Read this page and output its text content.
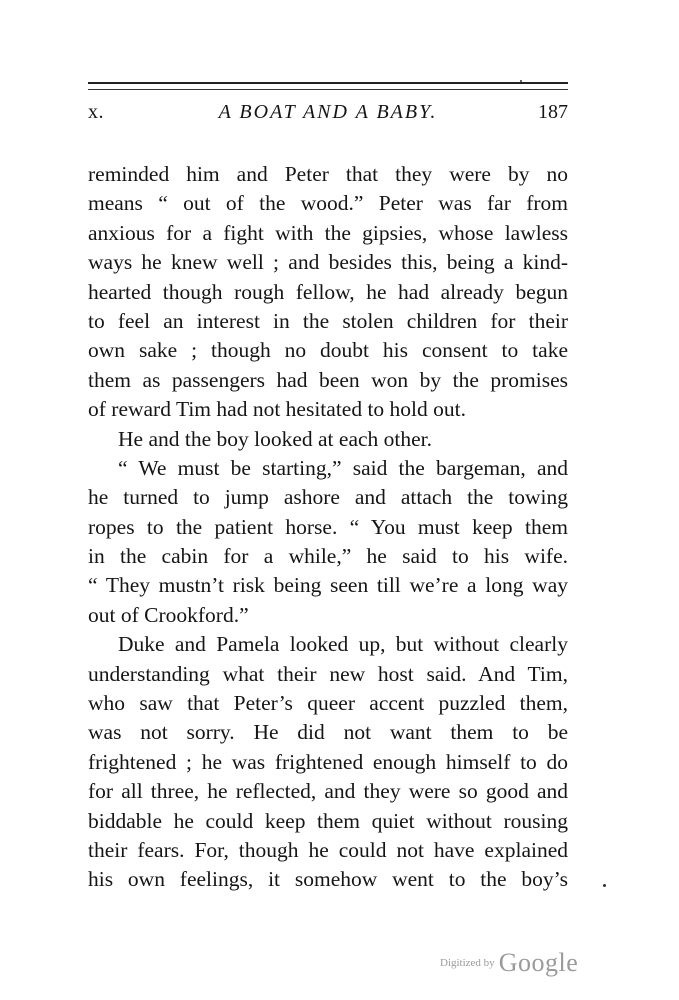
x.	A BOAT AND A BABY.	187
reminded him and Peter that they were by no
means “ out of the wood.” Peter was far from
anxious for a fight with the gipsies, whose lawless
ways he knew well ; and besides this, being a kind-
hearted though rough fellow, he had already begun
to feel an interest in the stolen children for their
own sake ; though no doubt his consent to take
them as passengers had been won by the promises
of reward Tim had not hesitated to hold out.
He and the boy looked at each other.
“ We must be starting,” said the bargeman, and
he turned to jump ashore and attach the towing
ropes to the patient horse. “ You must keep them
in the cabin for a while,” he said to his wife.
“ They mustn’t risk being seen till we’re a long way
out of Crookford.”
Duke and Pamela looked up, but without clearly
understanding what their new host said. And Tim,
who saw that Peter’s queer accent puzzled them,
was not sorry. He did not want them to be
frightened ; he was frightened enough himself to do
for all three, he reflected, and they were so good and
biddable he could keep them quiet without rousing
their fears. For, though he could not have explained
his own feelings, it somehow went to the boy’s
Digitized by Google
